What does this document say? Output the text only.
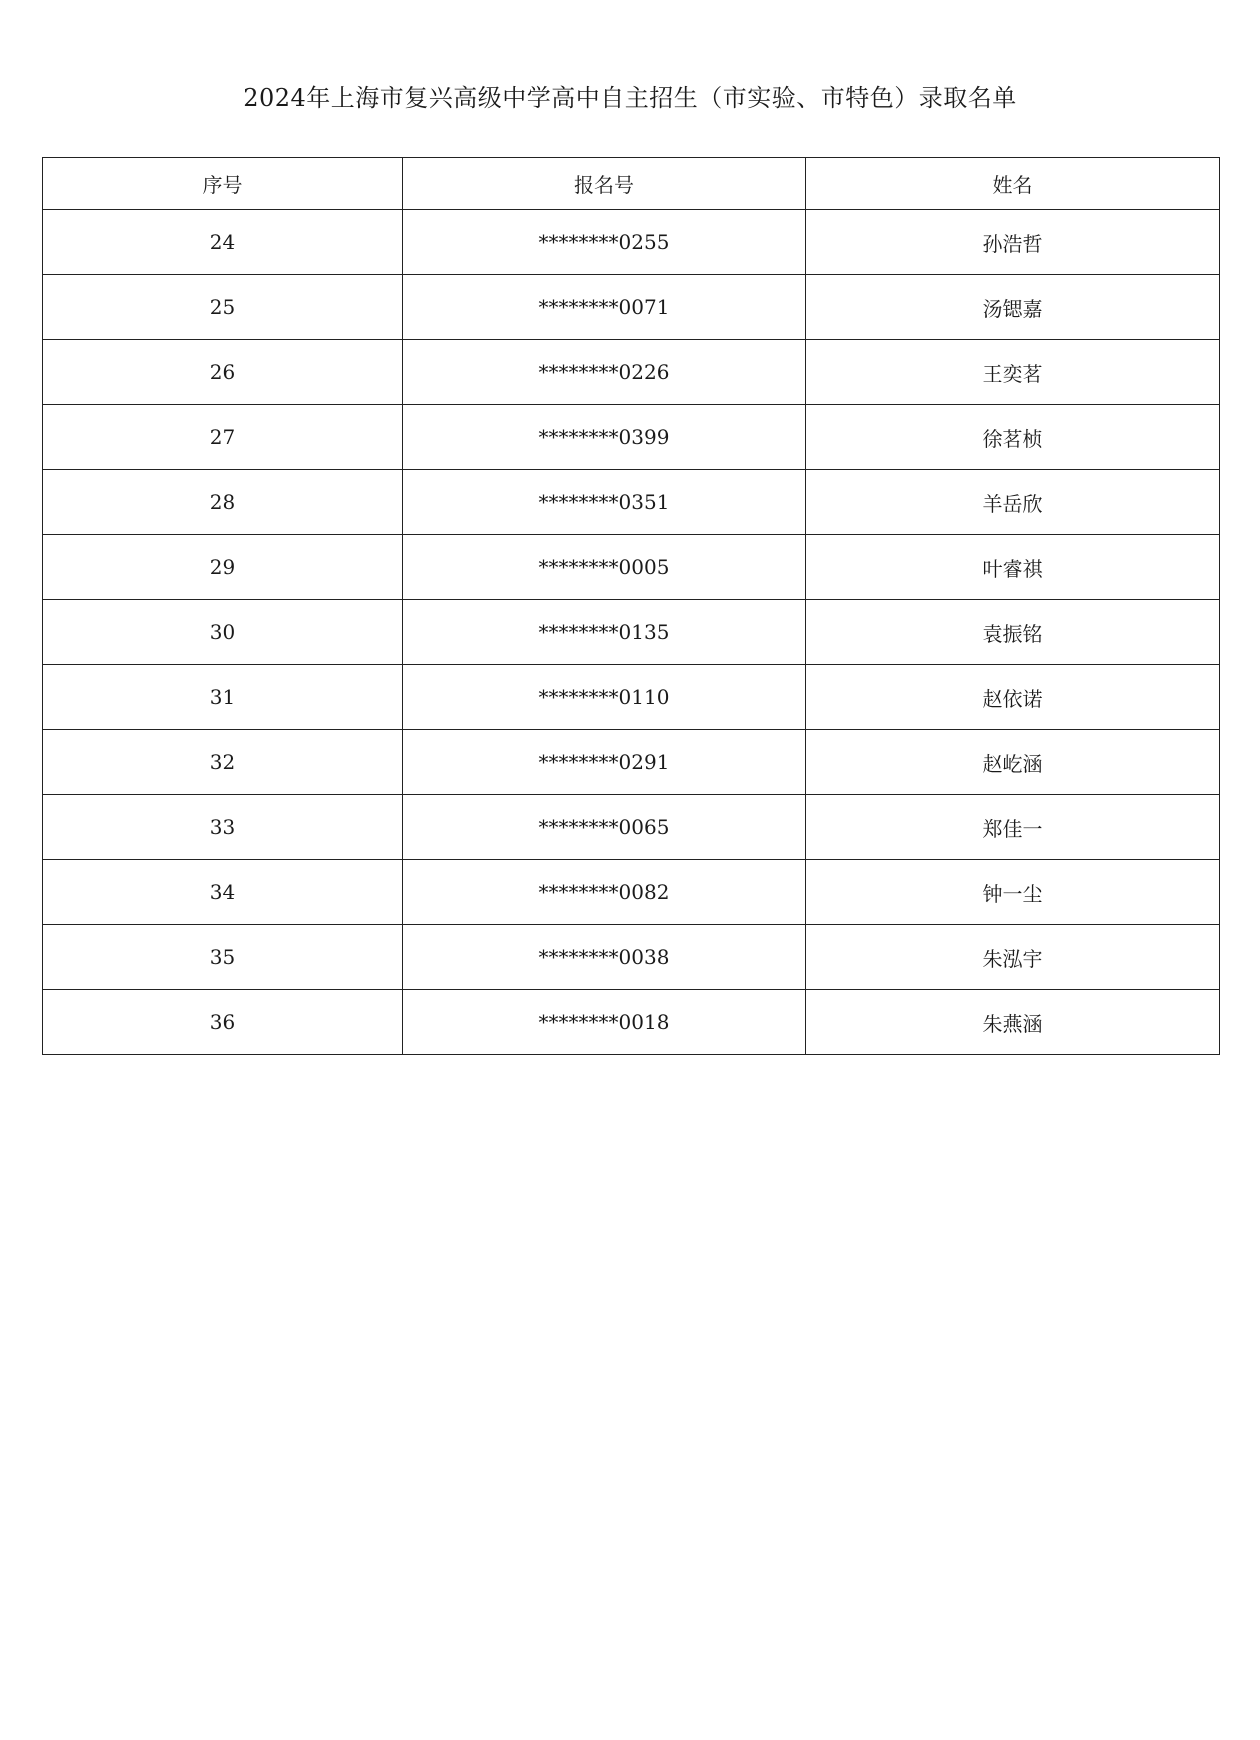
2024年上海市复兴高级中学高中自主招生（市实验、市特色）录取名单
序号	报名号	姓名
24	********0255	孙浩哲
25	********0071	汤锶嘉
26	********0226	王奕茗
27	********0399	徐茗桢
28	********0351	羊岳欣
29	********0005	叶睿祺
30	********0135	袁振铭
31	********0110	赵依诺
32	********0291	赵屹涵
33	********0065	郑佳一
34	********0082	钟一尘
35	********0038	朱泓宇
36	********0018	朱燕涵
